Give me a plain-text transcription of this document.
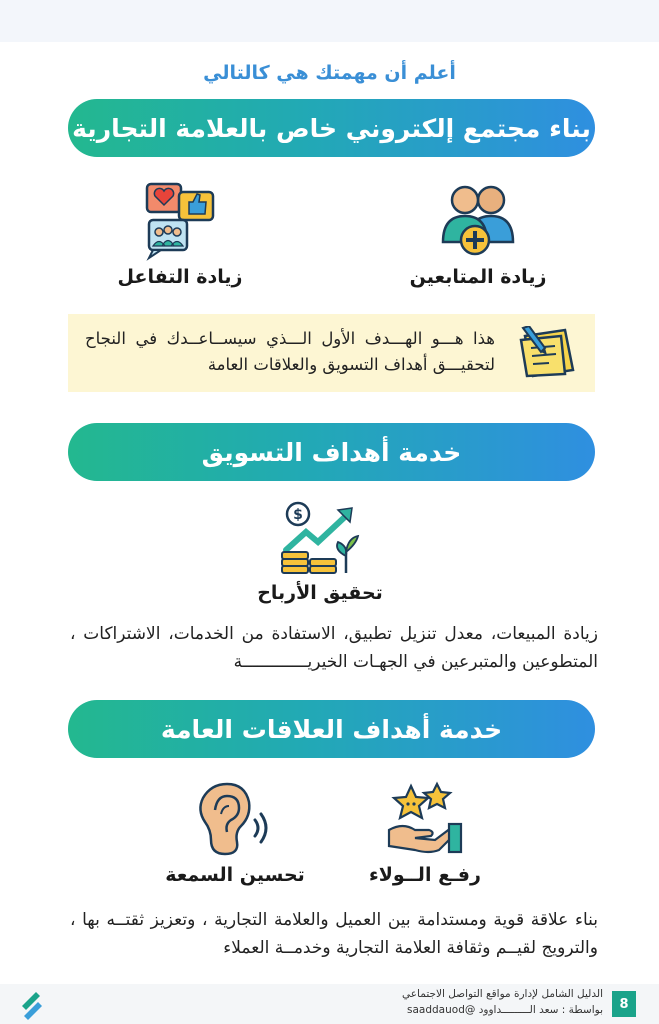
أعلم أن مهمتك هي كالتالي
بناء مجتمع إلكتروني خاص بالعلامة التجارية
زيادة المتابعين
زيادة التفاعل
هذا هـــو الهـــدف الأول الـــذي سيســاعــدك في النجاح لتحقيـــق أهداف التسويق والعلاقات العامة
خدمة أهداف التسويق
$
تحقيق الأرباح
زيادة المبيعات، معدل تنزيل تطبيق، الاستفادة من الخدمات، الاشتراكات ، المتطوعين والمتبرعين في الجهـات الخيريـــــــــــــة
خدمة أهداف العلاقات العامة
رفـع الــولاء
تحسين السمعة
بناء علاقة قوية ومستدامة بين العميل والعلامة التجارية ، وتعزيز ثقتــه بها ، والترويج لقيــم وثقافة العلامة التجارية وخدمــة العملاء
8
الدليل الشامل لإدارة مواقع التواصل الاجتماعي
بواسطة : سعد الـــــــــداوود @saaddauod
